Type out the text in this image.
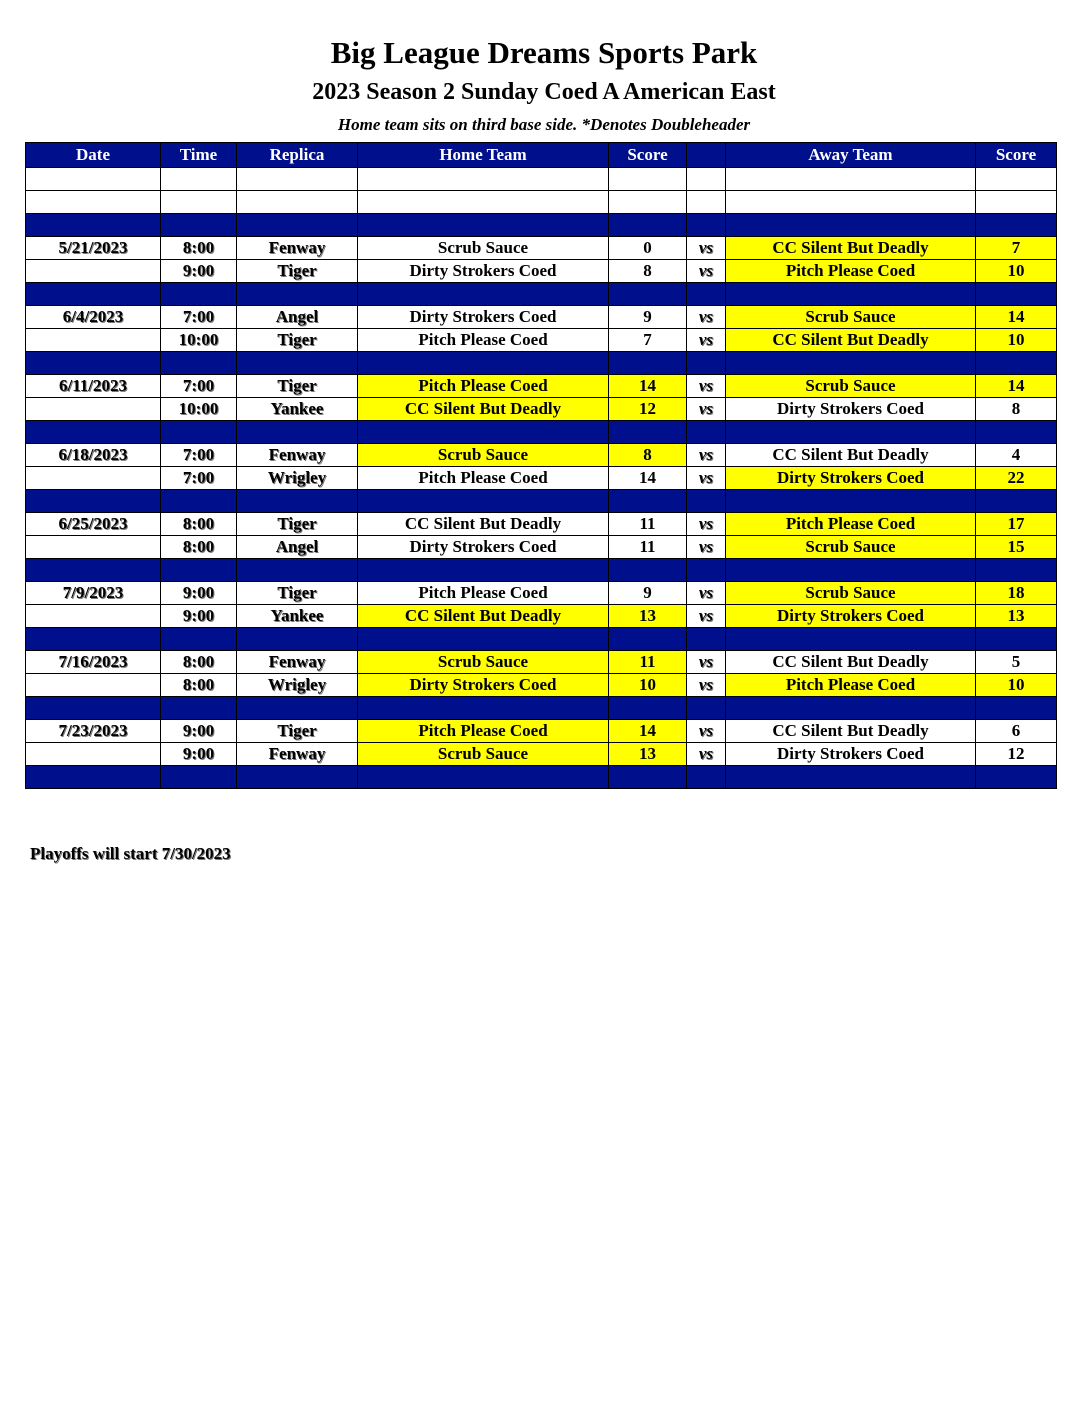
Big League Dreams Sports Park
2023 Season 2 Sunday Coed A American East
Home team sits on third base side. *Denotes Doubleheader
Date	Time	Replica	Home Team	Score		Away Team	Score

5/21/2023	8:00	Fenway	Scrub Sauce	0	vs	CC Silent But Deadly	7
	9:00	Tiger	Dirty Strokers Coed	8	vs	Pitch Please Coed	10

6/4/2023	7:00	Angel	Dirty Strokers Coed	9	vs	Scrub Sauce	14
	10:00	Tiger	Pitch Please Coed	7	vs	CC Silent But Deadly	10

6/11/2023	7:00	Tiger	Pitch Please Coed	14	vs	Scrub Sauce	14
	10:00	Yankee	CC Silent But Deadly	12	vs	Dirty Strokers Coed	8

6/18/2023	7:00	Fenway	Scrub Sauce	8	vs	CC Silent But Deadly	4
	7:00	Wrigley	Pitch Please Coed	14	vs	Dirty Strokers Coed	22

6/25/2023	8:00	Tiger	CC Silent But Deadly	11	vs	Pitch Please Coed	17
	8:00	Angel	Dirty Strokers Coed	11	vs	Scrub Sauce	15

7/9/2023	9:00	Tiger	Pitch Please Coed	9	vs	Scrub Sauce	18
	9:00	Yankee	CC Silent But Deadly	13	vs	Dirty Strokers Coed	13

7/16/2023	8:00	Fenway	Scrub Sauce	11	vs	CC Silent But Deadly	5
	8:00	Wrigley	Dirty Strokers Coed	10	vs	Pitch Please Coed	10

7/23/2023	9:00	Tiger	Pitch Please Coed	14	vs	CC Silent But Deadly	6
	9:00	Fenway	Scrub Sauce	13	vs	Dirty Strokers Coed	12

Playoffs will start 7/30/2023
